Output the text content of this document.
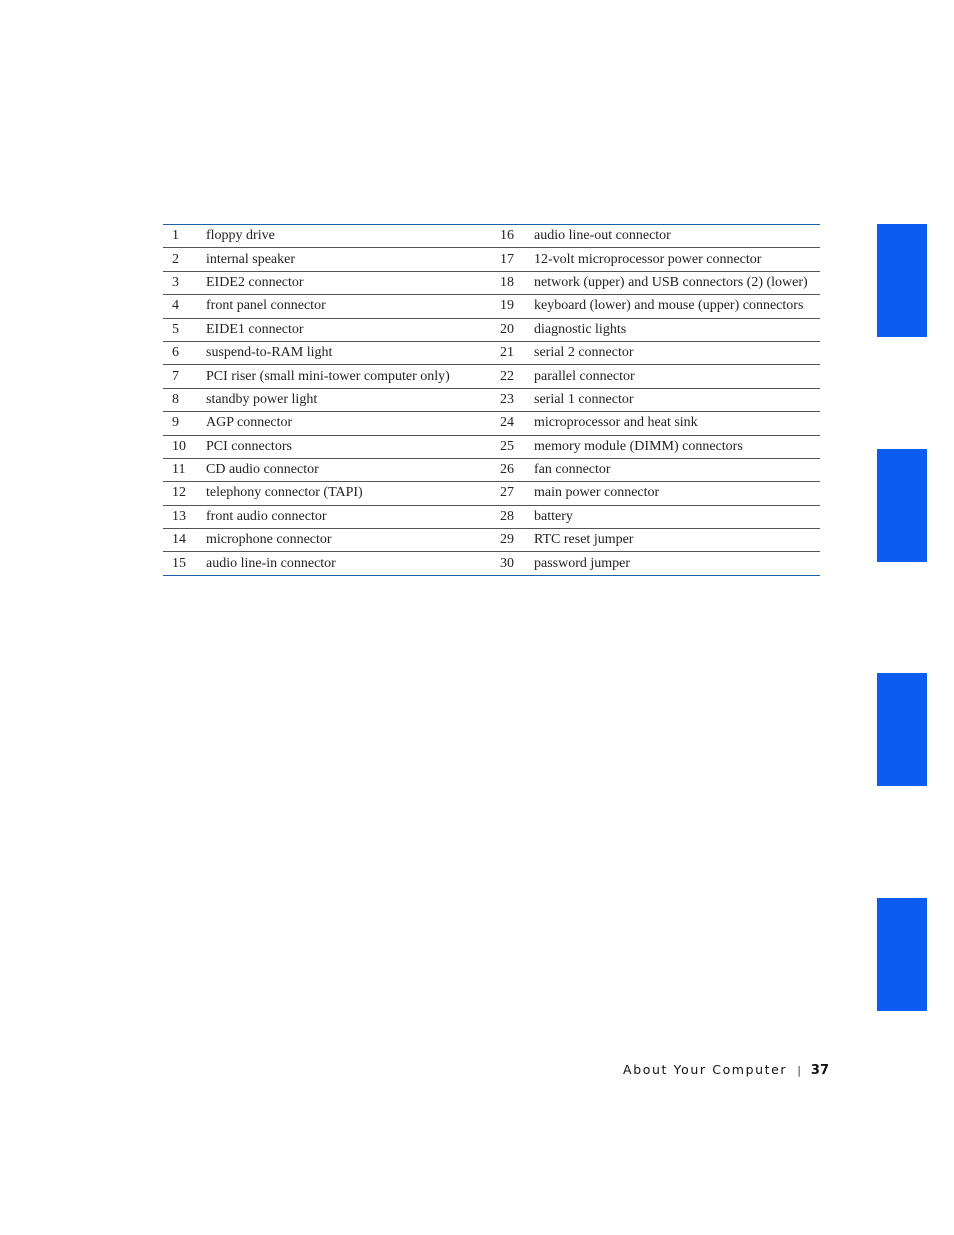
1	floppy drive	16	audio line-out connector
2	internal speaker	17	12-volt microprocessor power connector
3	EIDE2 connector	18	network (upper) and USB connectors (2) (lower)
4	front panel connector	19	keyboard (lower) and mouse (upper) connectors
5	EIDE1 connector	20	diagnostic lights
6	suspend-to-RAM light	21	serial 2 connector
7	PCI riser (small mini-tower computer only)	22	parallel connector
8	standby power light	23	serial 1 connector
9	AGP connector	24	microprocessor and heat sink
10	PCI connectors	25	memory module (DIMM) connectors
11	CD audio connector	26	fan connector
12	telephony connector (TAPI)	27	main power connector
13	front audio connector	28	battery
14	microphone connector	29	RTC reset jumper
15	audio line-in connector	30	password jumper
About Your Computer | 37
